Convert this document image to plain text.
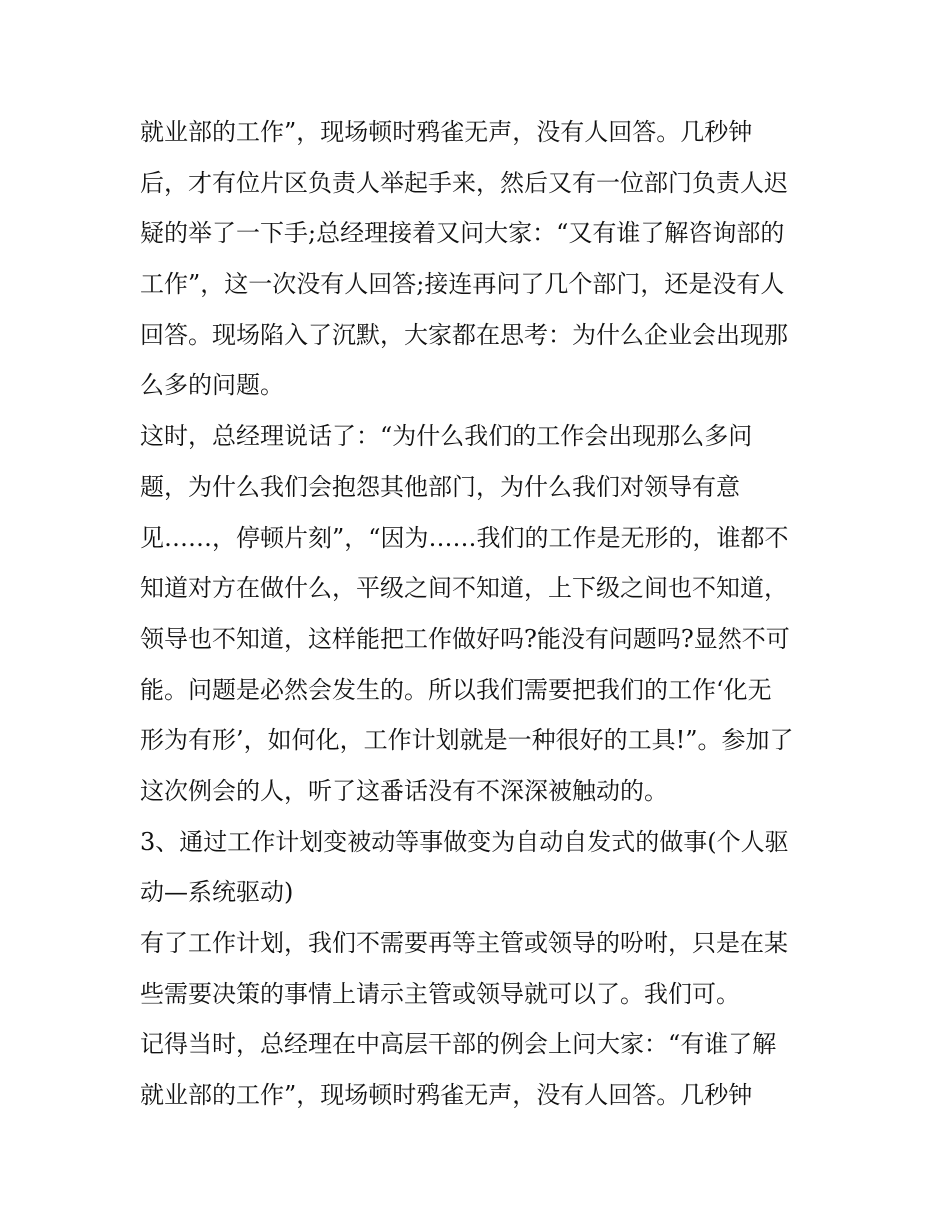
就业部的工作”，现场顿时鸦雀无声，没有人回答。几秒钟
后，才有位片区负责人举起手来，然后又有一位部门负责人迟
疑的举了一下手;总经理接着又问大家：“又有谁了解咨询部的
工作”，这一次没有人回答;接连再问了几个部门，还是没有人
回答。现场陷入了沉默，大家都在思考：为什么企业会出现那
么多的问题。
这时，总经理说话了：“为什么我们的工作会出现那么多问
题，为什么我们会抱怨其他部门，为什么我们对领导有意
见……，停顿片刻”，“因为……我们的工作是无形的，谁都不
知道对方在做什么，平级之间不知道，上下级之间也不知道，
领导也不知道，这样能把工作做好吗?能没有问题吗?显然不可
能。问题是必然会发生的。所以我们需要把我们的工作‘化无
形为有形’，如何化，工作计划就是一种很好的工具!”。参加了
这次例会的人，听了这番话没有不深深被触动的。
3、通过工作计划变被动等事做变为自动自发式的做事(个人驱
动—系统驱动)
有了工作计划，我们不需要再等主管或领导的吩咐，只是在某
些需要决策的事情上请示主管或领导就可以了。我们可。
记得当时，总经理在中高层干部的例会上问大家：“有谁了解
就业部的工作”，现场顿时鸦雀无声，没有人回答。几秒钟
